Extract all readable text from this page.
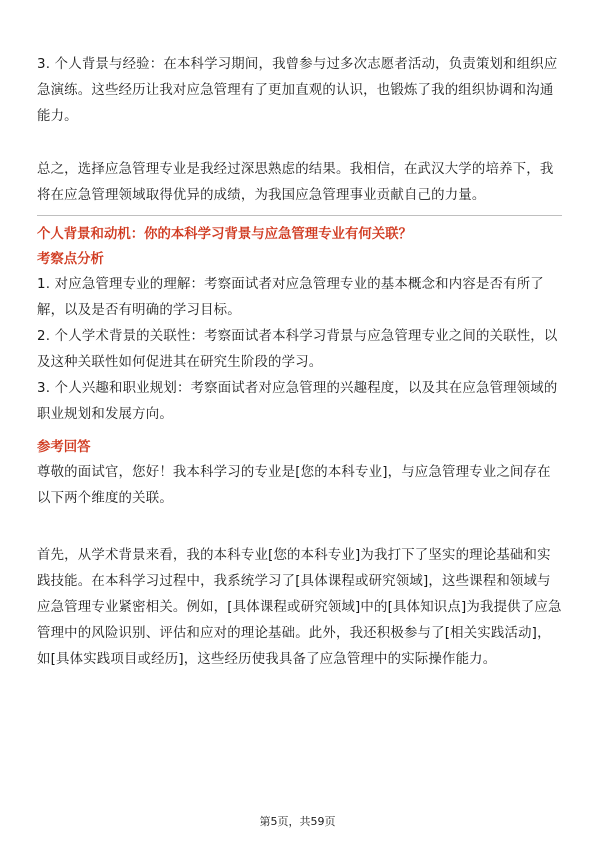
3. 个人背景与经验：在本科学习期间，我曾参与过多次志愿者活动，负责策划和组织应急演练。这些经历让我对应急管理有了更加直观的认识，也锻炼了我的组织协调和沟通能力。

总之，选择应急管理专业是我经过深思熟虑的结果。我相信，在武汉大学的培养下，我将在应急管理领域取得优异的成绩，为我国应急管理事业贡献自己的力量。

个人背景和动机：你的本科学习背景与应急管理专业有何关联？

考察点分析

1. 对应急管理专业的理解：考察面试者对应急管理专业的基本概念和内容是否有所了解，以及是否有明确的学习目标。

2. 个人学术背景的关联性：考察面试者本科学习背景与应急管理专业之间的关联性，以及这种关联性如何促进其在研究生阶段的学习。

3. 个人兴趣和职业规划：考察面试者对应急管理的兴趣程度，以及其在应急管理领域的职业规划和发展方向。

参考回答

尊敬的面试官，您好！我本科学习的专业是[您的本科专业]，与应急管理专业之间存在以下两个维度的关联。

首先，从学术背景来看，我的本科专业[您的本科专业]为我打下了坚实的理论基础和实践技能。在本科学习过程中，我系统学习了[具体课程或研究领域]，这些课程和领域与应急管理专业紧密相关。例如，[具体课程或研究领域]中的[具体知识点]为我提供了应急管理中的风险识别、评估和应对的理论基础。此外，我还积极参与了[相关实践活动]，如[具体实践项目或经历]，这些经历使我具备了应急管理中的实际操作能力。

第5页，共59页
